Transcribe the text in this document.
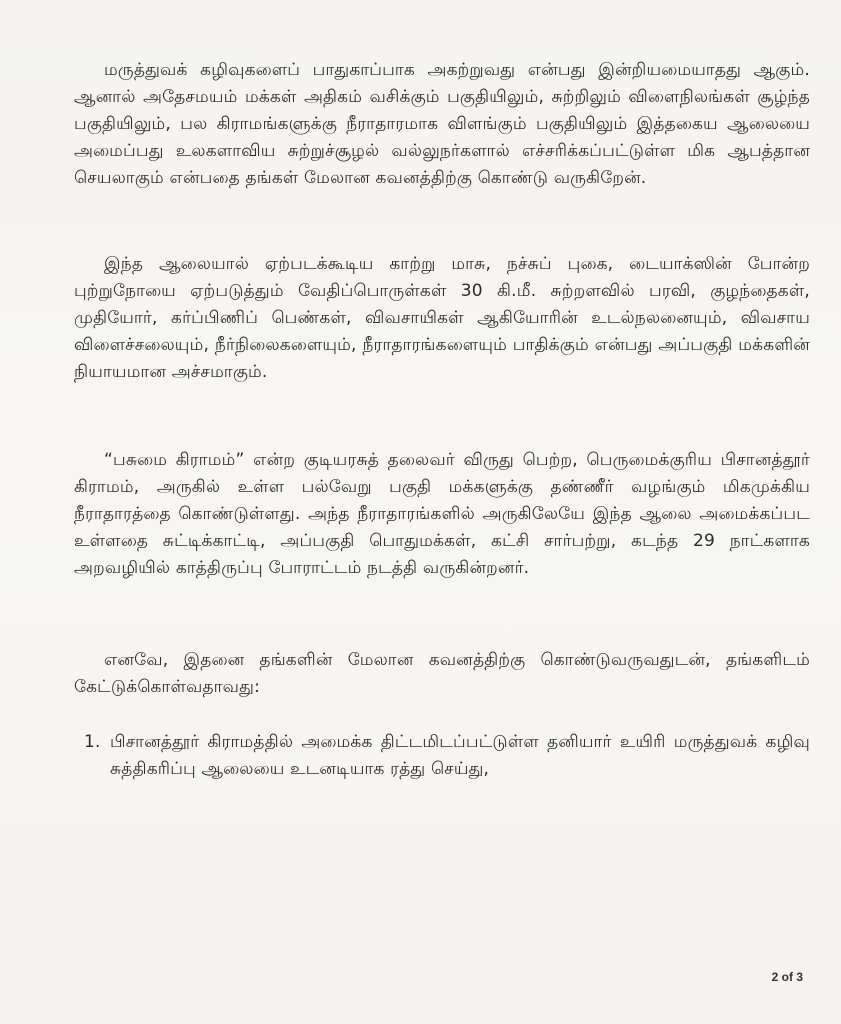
மருத்துவக் கழிவுகளைப் பாதுகாப்பாக அகற்றுவது என்பது இன்றியமையாதது ஆகும். ஆனால் அதேசமயம் மக்கள் அதிகம் வசிக்கும் பகுதியிலும், சுற்றிலும் விளைநிலங்கள் சூழ்ந்த பகுதியிலும், பல கிராமங்களுக்கு நீராதாரமாக விளங்கும் பகுதியிலும் இத்தகைய ஆலையை அமைப்பது உலகளாவிய சுற்றுச்சூழல் வல்லுநர்களால் எச்சரிக்கப்பட்டுள்ள மிக ஆபத்தான செயலாகும் என்பதை தங்கள் மேலான கவனத்திற்கு கொண்டு வருகிறேன்.

இந்த ஆலையால் ஏற்படக்கூடிய காற்று மாசு, நச்சுப் புகை, டையாக்ஸின் போன்ற புற்றுநோயை ஏற்படுத்தும் வேதிப்பொருள்கள் 30 கி.மீ. சுற்றளவில் பரவி, குழந்தைகள், முதியோர், கர்ப்பிணிப் பெண்கள், விவசாயிகள் ஆகியோரின் உடல்நலனையும், விவசாய விளைச்சலையும், நீர்நிலைகளையும், நீராதாரங்களையும் பாதிக்கும் என்பது அப்பகுதி மக்களின் நியாயமான அச்சமாகும்.

“பசுமை கிராமம்” என்ற குடியரசுத் தலைவர் விருது பெற்ற, பெருமைக்குரிய பிசானத்தூர் கிராமம், அருகில் உள்ள பல்வேறு பகுதி மக்களுக்கு தண்ணீர் வழங்கும் மிகமுக்கிய நீராதாரத்தை கொண்டுள்ளது. அந்த நீராதாரங்களில் அருகிலேயே இந்த ஆலை அமைக்கப்பட உள்ளதை சுட்டிக்காட்டி, அப்பகுதி பொதுமக்கள், கட்சி சார்பற்று, கடந்த 29 நாட்களாக அறவழியில் காத்திருப்பு போராட்டம் நடத்தி வருகின்றனர்.

எனவே, இதனை தங்களின் மேலான கவனத்திற்கு கொண்டுவருவதுடன், தங்களிடம் கேட்டுக்கொள்வதாவது:

1. பிசானத்தூர் கிராமத்தில் அமைக்க திட்டமிடப்பட்டுள்ள தனியார் உயிரி மருத்துவக் கழிவு சுத்திகரிப்பு ஆலையை உடனடியாக ரத்து செய்து,
2 of 3
